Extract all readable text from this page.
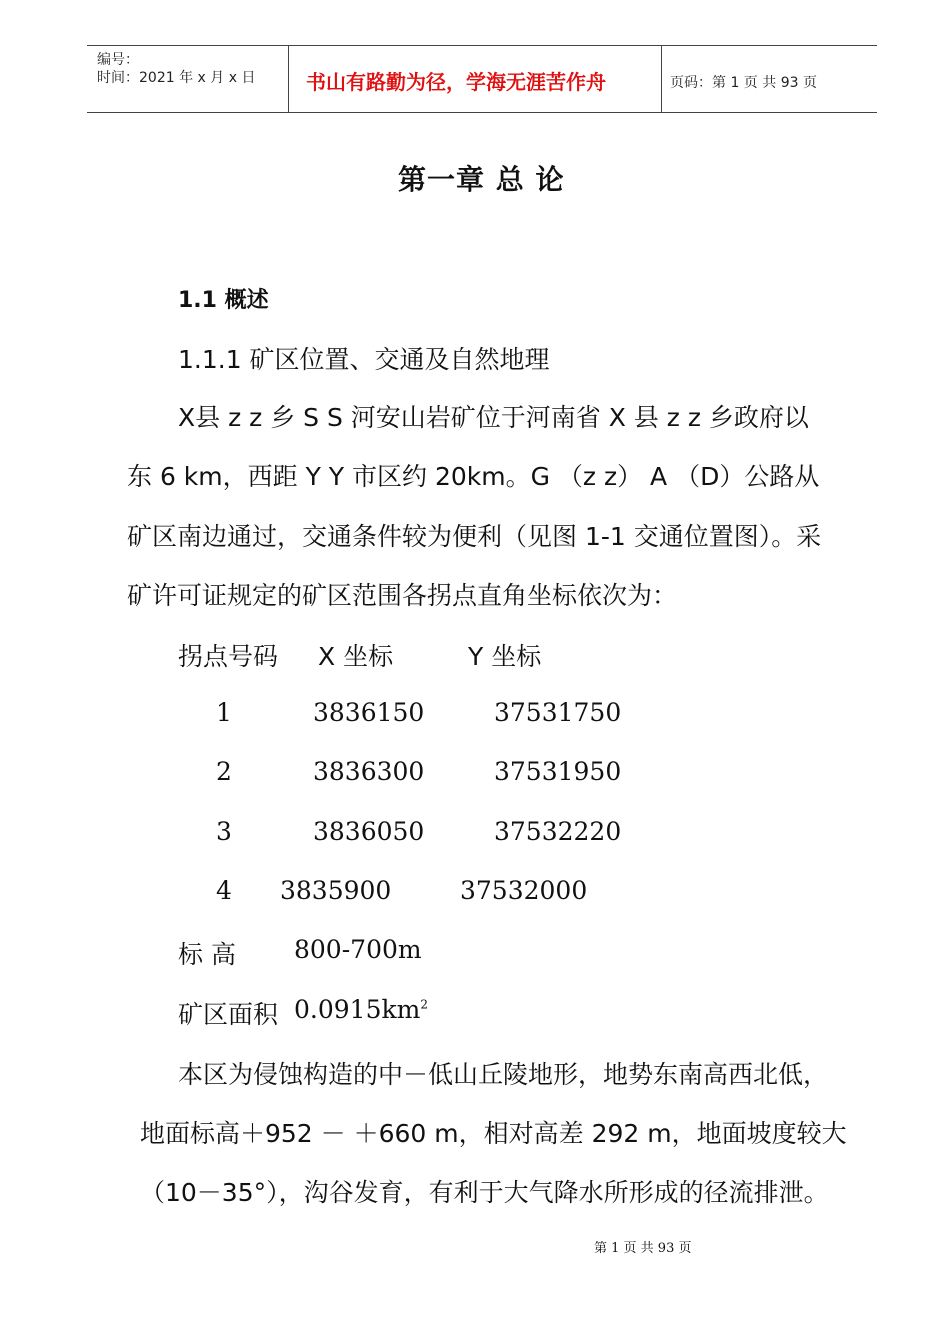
编号：
时间：2021 年 x 月 x 日	书山有路勤为径，学海无涯苦作舟	页码：第 1 页 共 93 页
第一章 总 论
1.1 概述
1.1.1 矿区位置、交通及自然地理
X县 z z 乡 S S 河安山岩矿位于河南省 X 县 z z 乡政府以
东 6 km，西距 Y Y 市区约 20km。G （z z） A （D）公路从
矿区南边通过，交通条件较为便利（见图 1-1 交通位置图）。采
矿许可证规定的矿区范围各拐点直角坐标依次为：
拐点号码 X 坐标	Y 坐标
1	3836150	37531750
2	3836300	37531950
3	3836050	37532220
4 3835900	37532000
标 高 800-700m
矿区面积 $0.0915km^2$
本区为侵蚀构造的中－低山丘陵地形，地势东南高西北低，
地面标高＋952 － ＋660 m，相对高差 292 m，地面坡度较大
（10－35°），沟谷发育，有利于大气降水所形成的径流排泄。
第 1 页 共 93 页
